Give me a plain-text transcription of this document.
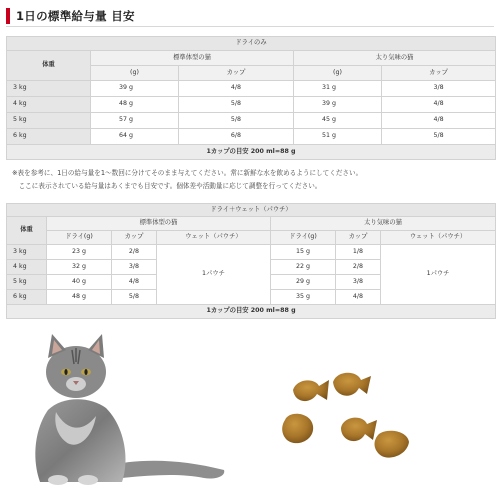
1日の標準給与量 目安
ドライのみ				
体重	標準体型の猫		太り気味の猫	
	(g)	カップ	(g)	カップ
3 kg	39 g	4/8	31 g	3/8
4 kg	48 g	5/8	39 g	4/8
5 kg	57 g	5/8	45 g	4/8
6 kg	64 g	6/8	51 g	5/8
1カップの目安 200 ml=88 g				
※表を参考に、1日の給与量を1～数回に分けてそのまま与えてください。常に新鮮な水を飲めるようにしてください。
　ここに表示されている給与量はあくまでも目安です。個体差や活動量に応じて調整を行ってください。
ドライ＋ウェット（パウチ）						
体重	標準体型の猫			太り気味の猫		
	ドライ(g)	カップ	ウェット（パウチ）	ドライ(g)	カップ	ウェット（パウチ）
3 kg	23 g	2/8	1パウチ	15 g	1/8	1パウチ
4 kg	32 g	3/8		22 g	2/8	
5 kg	40 g	4/8		29 g	3/8	
6 kg	48 g	5/8		35 g	4/8	
1カップの目安 200 ml=88 g						
